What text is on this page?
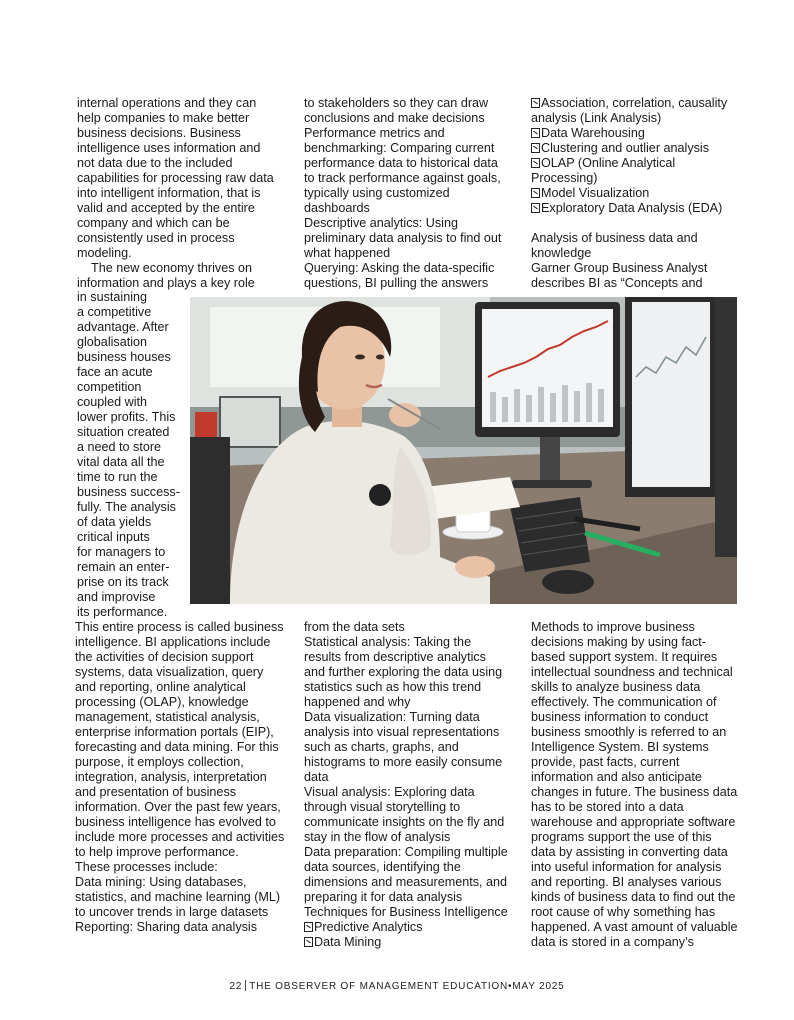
internal operations and they can help companies to make better business decisions. Business intelligence uses information and not data due to the included capabilities for processing raw data into intelligent information, that is valid and accepted by the entire company and which can be consistently used in process modeling.

The new economy thrives on information and plays a key role

in sustaining
a competitive
advantage. After
globalisation
business houses
face an acute
competition
coupled with
lower profits. This
situation created
a need to store
vital data all the
time to run the
business success-
fully. The analysis
of data yields
critical inputs
for managers to
remain an enter-
prise on its track
and improvise
its performance.

This entire process is called business intelligence. BI applications include the activities of decision support systems, data visualization, query and reporting, online analytical processing (OLAP), knowledge management, statistical analysis, enterprise information portals (EIP), forecasting and data mining. For this purpose, it employs collection, integration, analysis, interpretation and presentation of business information. Over the past few years, business intelligence has evolved to include more processes and activities to help improve performance.

These processes include:

Data mining: Using databases, statistics, and machine learning (ML) to uncover trends in large datasets

Reporting: Sharing data analysis

to stakeholders so they can draw conclusions and make decisions

Performance metrics and benchmarking: Comparing current performance data to historical data to track performance against goals, typically using customized dashboards

Descriptive analytics: Using preliminary data analysis to find out what happened

Querying: Asking the data-specific questions, BI pulling the answers

from the data sets

Statistical analysis: Taking the results from descriptive analytics and further exploring the data using statistics such as how this trend happened and why

Data visualization: Turning data analysis into visual representations such as charts, graphs, and histograms to more easily consume data

Visual analysis: Exploring data through visual storytelling to communicate insights on the fly and stay in the flow of analysis

Data preparation: Compiling multiple data sources, identifying the dimensions and measurements, and preparing it for data analysis

Techniques for Business Intelligence

Predictive Analytics

Data Mining

Association, correlation, causality analysis (Link Analysis)

Data Warehousing

Clustering and outlier analysis

OLAP (Online Analytical Processing)

Model Visualization

Exploratory Data Analysis (EDA)

Analysis of business data and knowledge

Garner Group Business Analyst describes BI as “Concepts and

Methods to improve business decisions making by using fact-based support system. It requires intellectual soundness and technical skills to analyze business data effectively. The communication of business information to conduct business smoothly is referred to an Intelligence System. BI systems provide, past facts, current information and also anticipate changes in future. The business data has to be stored into a data warehouse and appropriate software programs support the use of this data by assisting in converting data into useful information for analysis and reporting. BI analyses various kinds of business data to find out the root cause of why something has happened. A vast amount of valuable data is stored in a company’s

22 THE OBSERVER OF MANAGEMENT EDUCATION•MAY 2025
